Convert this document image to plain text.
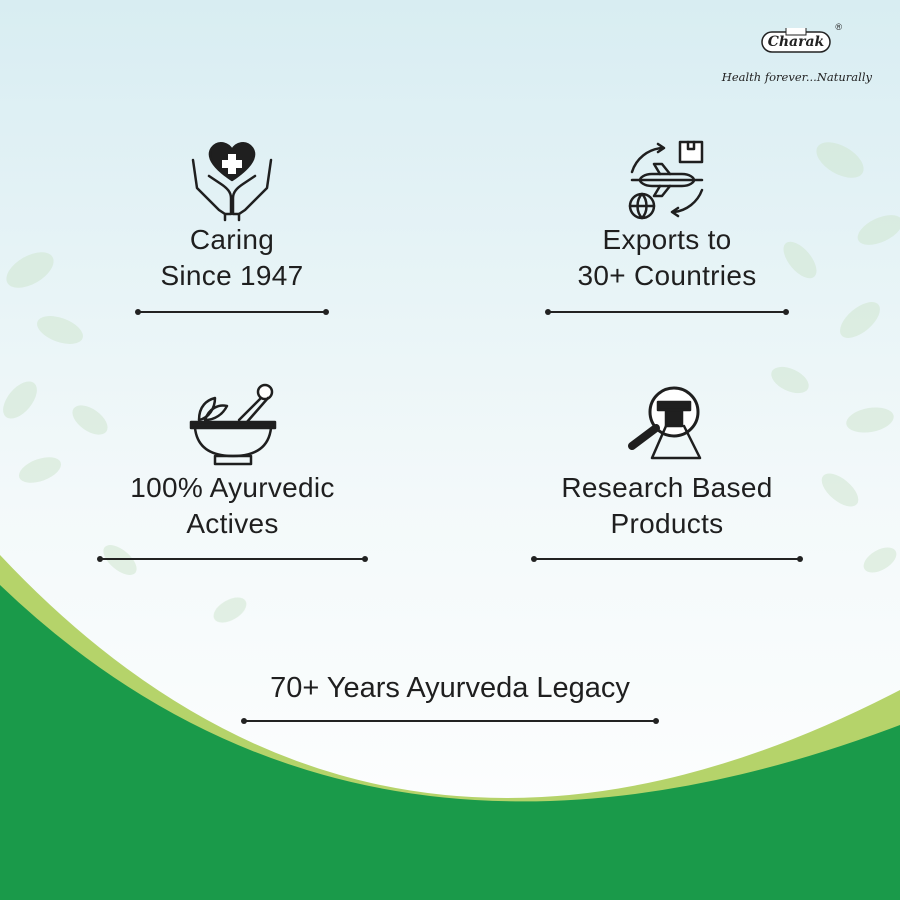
Charak
®
Health forever...Naturally
Caring
Since 1947
Exports to
30+ Countries
100% Ayurvedic
Actives
Research Based
Products
70+ Years Ayurveda Legacy
